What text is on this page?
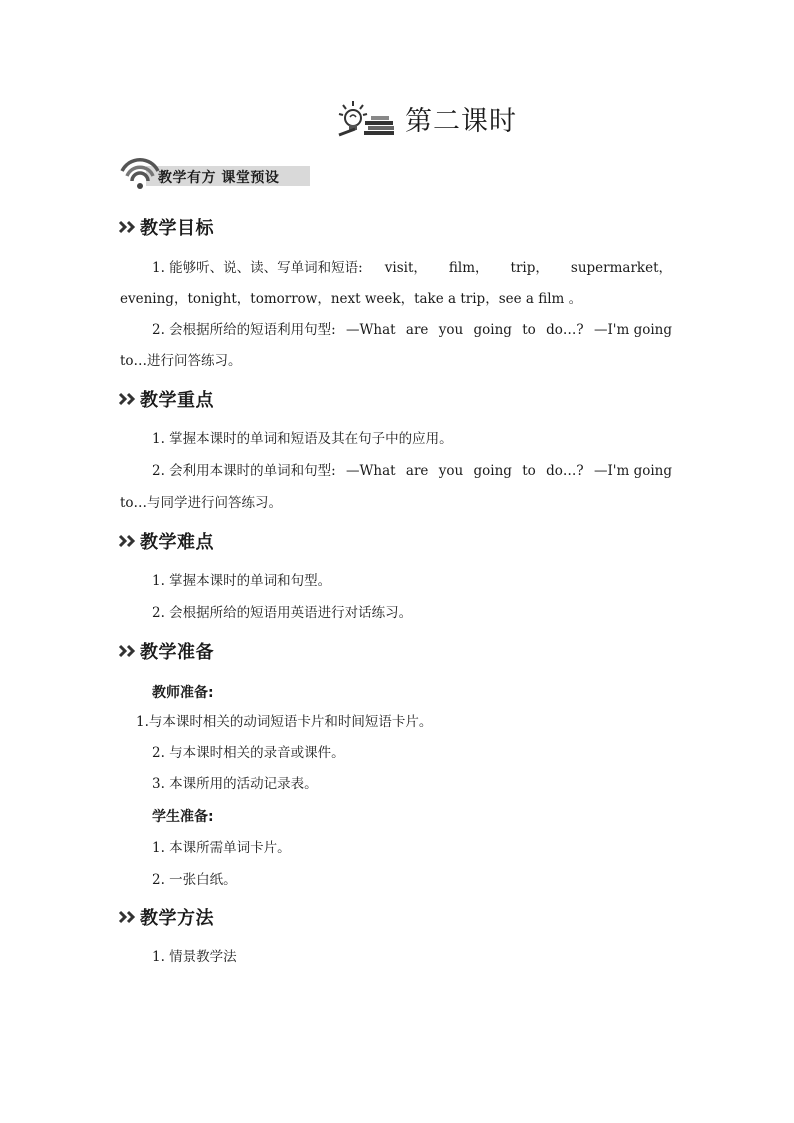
第二课时
教学有方 课堂预设
教学目标
1. 能够听、说、读、写单词和短语: visit， film， trip， supermarket，
evening，tonight，tomorrow，next week，take a trip，see a film 。
2. 会根据所给的短语利用句型: —What are you going to do…? —I'm going
to…进行问答练习。
教学重点
1. 掌握本课时的单词和短语及其在句子中的应用。
2. 会利用本课时的单词和句型: —What are you going to do…? —I'm going
to…与同学进行问答练习。
教学难点
1. 掌握本课时的单词和句型。
2. 会根据所给的短语用英语进行对话练习。
教学准备
教师准备:
1.与本课时相关的动词短语卡片和时间短语卡片。
2. 与本课时相关的录音或课件。
3. 本课所用的活动记录表。
学生准备:
1. 本课所需单词卡片。
2. 一张白纸。
教学方法
1. 情景教学法
